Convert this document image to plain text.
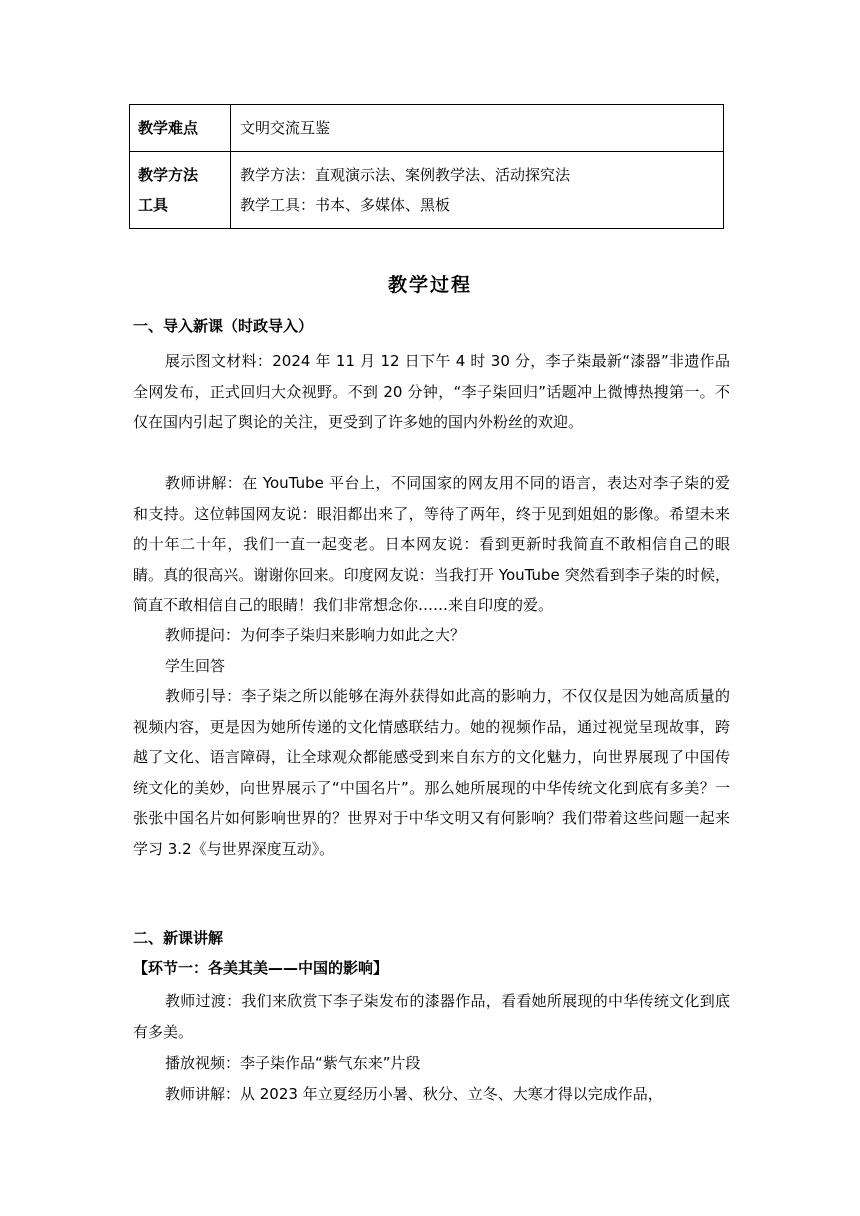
教学难点	文明交流互鉴

教学方法工具	教学方法：直观演示法、案例教学法、活动探究法
教学工具：书本、多媒体、黑板
教学过程
一、导入新课（时政导入）

展示图文材料：2024 年 11 月 12 日下午 4 时 30 分，李子柒最新“漆器”非遗作品全网发布，正式回归大众视野。不到 20 分钟，“李子柒回归”话题冲上微博热搜第一。不仅在国内引起了舆论的关注，更受到了许多她的国内外粉丝的欢迎。

教师讲解：在 YouTube 平台上，不同国家的网友用不同的语言，表达对李子柒的爱和支持。这位韩国网友说：眼泪都出来了，等待了两年，终于见到姐姐的影像。希望未来的十年二十年，我们一直一起变老。日本网友说：看到更新时我简直不敢相信自己的眼睛。真的很高兴。谢谢你回来。印度网友说：当我打开 YouTube 突然看到李子柒的时候，简直不敢相信自己的眼睛！我们非常想念你……来自印度的爱。

教师提问：为何李子柒归来影响力如此之大？
学生回答

教师引导：李子柒之所以能够在海外获得如此高的影响力，不仅仅是因为她高质量的视频内容，更是因为她所传递的文化情感联结力。她的视频作品，通过视觉呈现故事，跨越了文化、语言障碍，让全球观众都能感受到来自东方的文化魅力，向世界展现了中国传统文化的美妙，向世界展示了“中国名片”。那么她所展现的中华传统文化到底有多美？一张张中国名片如何影响世界的？世界对于中华文明又有何影响？我们带着这些问题一起来学习 3.2《与世界深度互动》。

二、新课讲解
【环节一：各美其美——中国的影响】

教师过渡：我们来欣赏下李子柒发布的漆器作品，看看她所展现的中华传统文化到底有多美。

播放视频：李子柒作品“紫气东来”片段
教师讲解：从 2023 年立夏经历小暑、秋分、立冬、大寒才得以完成作品，
